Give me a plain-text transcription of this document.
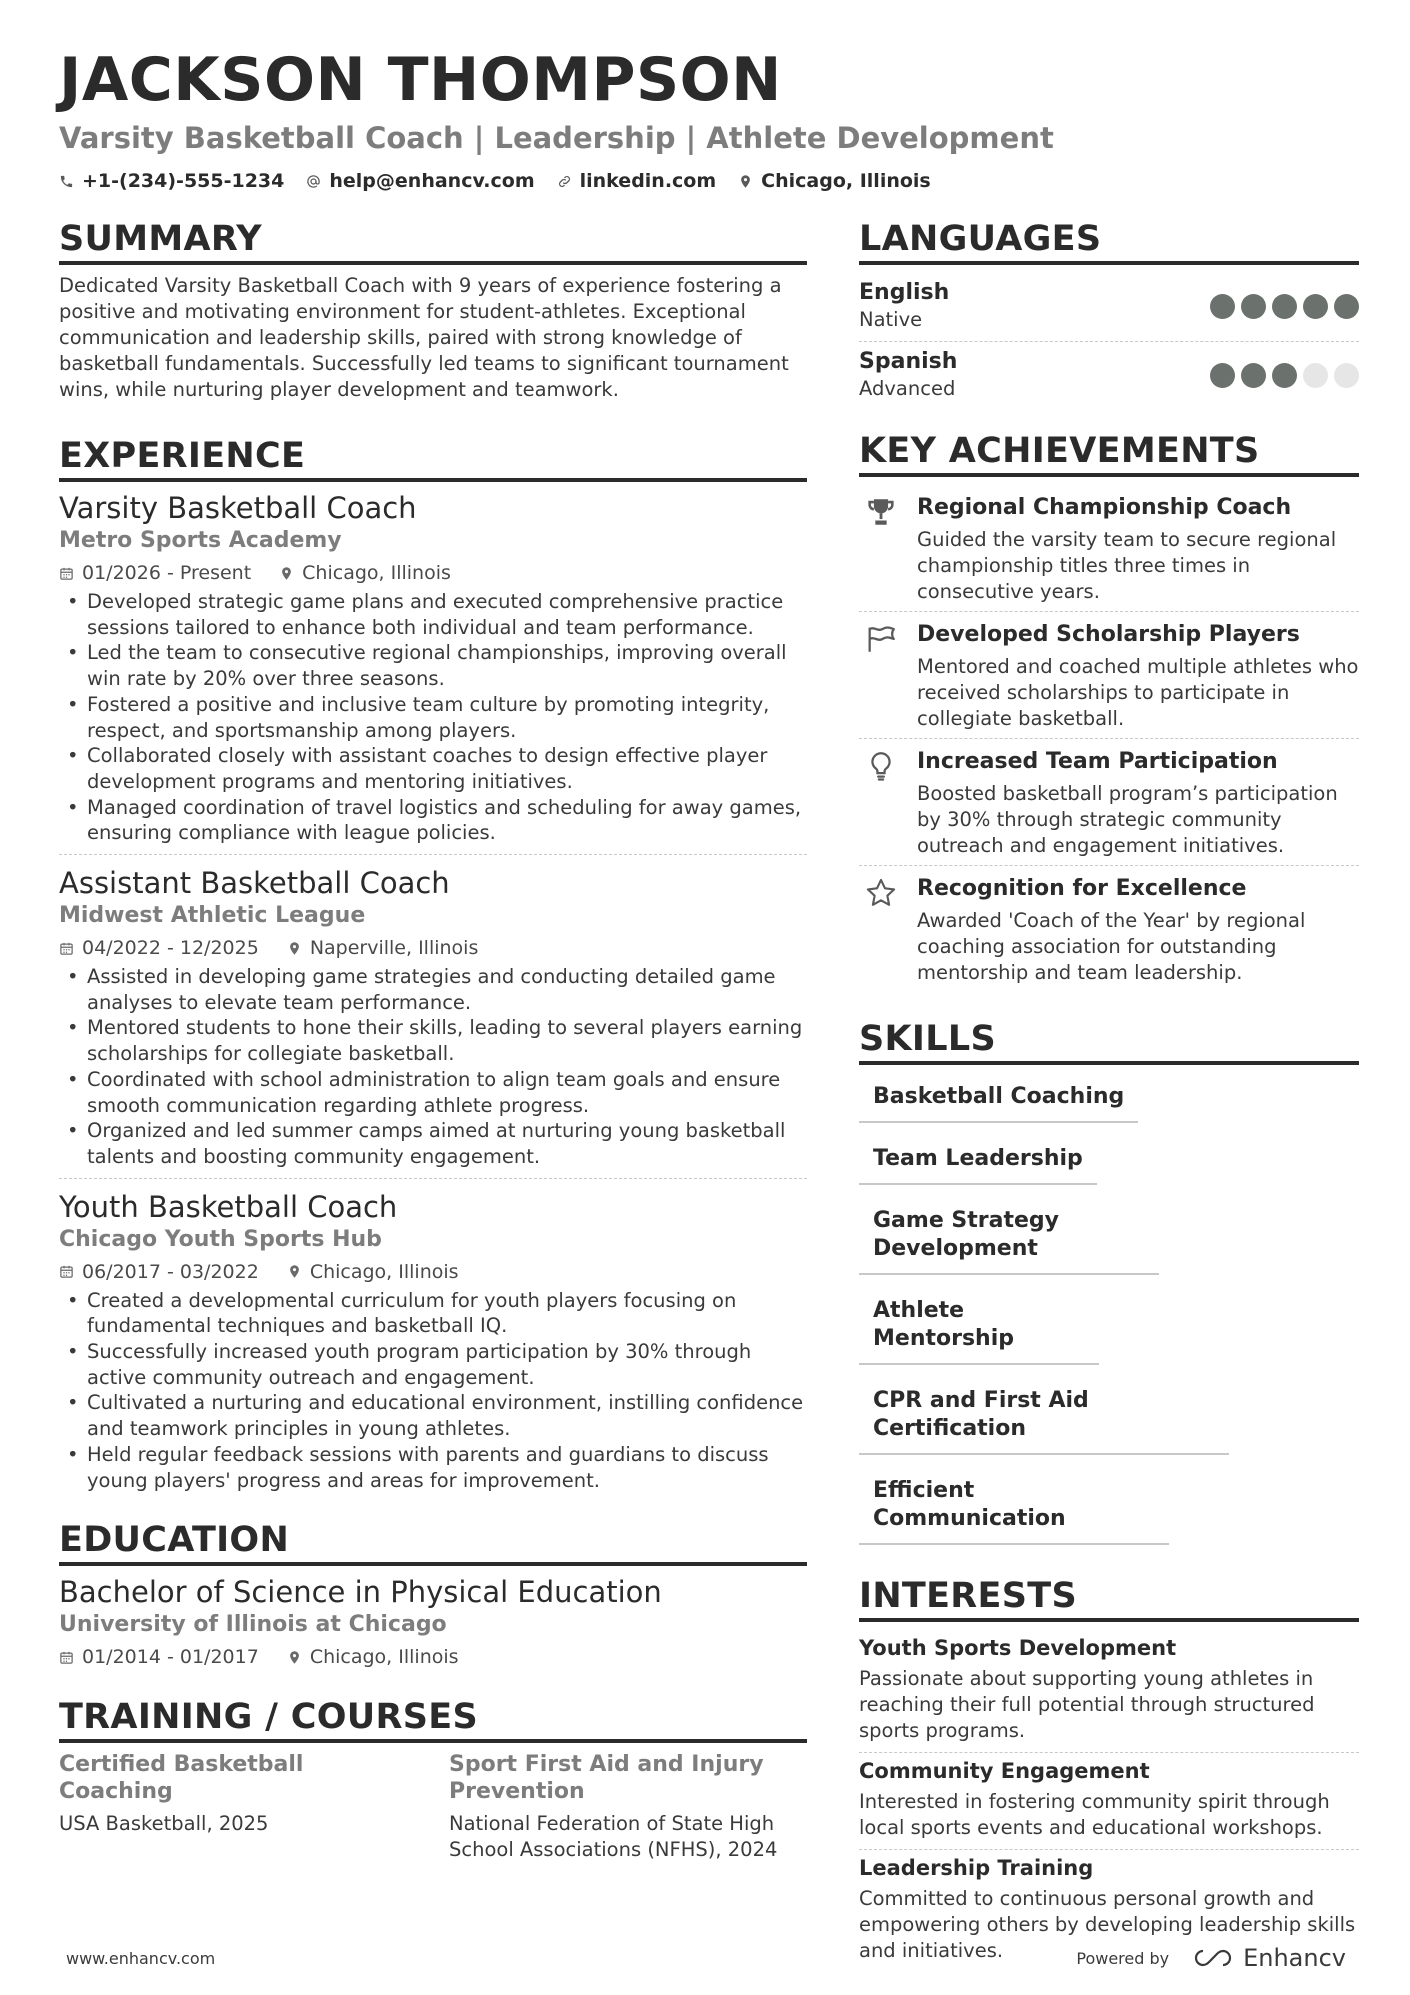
JACKSON THOMPSON
Varsity Basketball Coach | Leadership | Athlete Development
+1-(234)-555-1234 help@enhancv.com linkedin.com Chicago, Illinois
SUMMARY
Dedicated Varsity Basketball Coach with 9 years of experience fostering a positive and motivating environment for student-athletes. Exceptional communication and leadership skills, paired with strong knowledge of basketball fundamentals. Successfully led teams to significant tournament wins, while nurturing player development and teamwork.
EXPERIENCE
Varsity Basketball Coach
Metro Sports Academy
01/2026 - Present	Chicago, Illinois
• Developed strategic game plans and executed comprehensive practice sessions tailored to enhance both individual and team performance.
• Led the team to consecutive regional championships, improving overall win rate by 20% over three seasons.
• Fostered a positive and inclusive team culture by promoting integrity, respect, and sportsmanship among players.
• Collaborated closely with assistant coaches to design effective player development programs and mentoring initiatives.
• Managed coordination of travel logistics and scheduling for away games, ensuring compliance with league policies.
Assistant Basketball Coach
Midwest Athletic League
04/2022 - 12/2025	Naperville, Illinois
• Assisted in developing game strategies and conducting detailed game analyses to elevate team performance.
• Mentored students to hone their skills, leading to several players earning scholarships for collegiate basketball.
• Coordinated with school administration to align team goals and ensure smooth communication regarding athlete progress.
• Organized and led summer camps aimed at nurturing young basketball talents and boosting community engagement.
Youth Basketball Coach
Chicago Youth Sports Hub
06/2017 - 03/2022	Chicago, Illinois
• Created a developmental curriculum for youth players focusing on fundamental techniques and basketball IQ.
• Successfully increased youth program participation by 30% through active community outreach and engagement.
• Cultivated a nurturing and educational environment, instilling confidence and teamwork principles in young athletes.
• Held regular feedback sessions with parents and guardians to discuss young players' progress and areas for improvement.
EDUCATION
Bachelor of Science in Physical Education
University of Illinois at Chicago
01/2014 - 01/2017	Chicago, Illinois
TRAINING / COURSES
Certified Basketball Coaching
USA Basketball, 2025
Sport First Aid and Injury Prevention
National Federation of State High School Associations (NFHS), 2024
LANGUAGES
English
Native
Spanish
Advanced
KEY ACHIEVEMENTS
Regional Championship Coach
Guided the varsity team to secure regional championship titles three times in consecutive years.
Developed Scholarship Players
Mentored and coached multiple athletes who received scholarships to participate in collegiate basketball.
Increased Team Participation
Boosted basketball program’s participation by 30% through strategic community outreach and engagement initiatives.
Recognition for Excellence
Awarded 'Coach of the Year' by regional coaching association for outstanding mentorship and team leadership.
SKILLS
Basketball Coaching
Team Leadership
Game Strategy Development
Athlete Mentorship
CPR and First Aid Certification
Efficient Communication
INTERESTS
Youth Sports Development
Passionate about supporting young athletes in reaching their full potential through structured sports programs.
Community Engagement
Interested in fostering community spirit through local sports events and educational workshops.
Leadership Training
Committed to continuous personal growth and empowering others by developing leadership skills and initiatives.
www.enhancv.com	Powered by	Enhancv
